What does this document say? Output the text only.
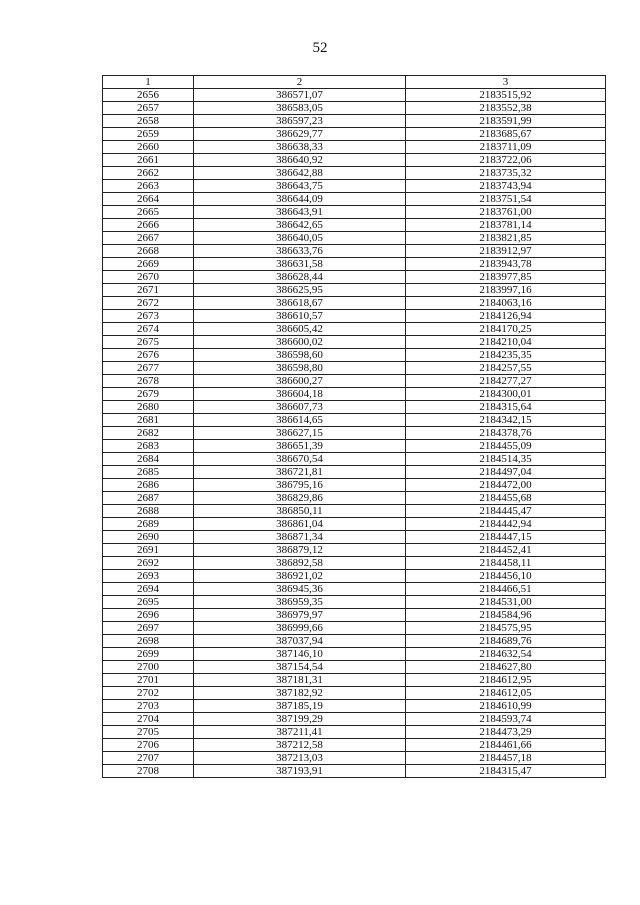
52
1	2	3
2656	386571,07	2183515,92
2657	386583,05	2183552,38
2658	386597,23	2183591,99
2659	386629,77	2183685,67
2660	386638,33	2183711,09
2661	386640,92	2183722,06
2662	386642,88	2183735,32
2663	386643,75	2183743,94
2664	386644,09	2183751,54
2665	386643,91	2183761,00
2666	386642,65	2183781,14
2667	386640,05	2183821,85
2668	386633,76	2183912,97
2669	386631,58	2183943,78
2670	386628,44	2183977,85
2671	386625,95	2183997,16
2672	386618,67	2184063,16
2673	386610,57	2184126,94
2674	386605,42	2184170,25
2675	386600,02	2184210,04
2676	386598,60	2184235,35
2677	386598,80	2184257,55
2678	386600,27	2184277,27
2679	386604,18	2184300,01
2680	386607,73	2184315,64
2681	386614,65	2184342,15
2682	386627,15	2184378,76
2683	386651,39	2184455,09
2684	386670,54	2184514,35
2685	386721,81	2184497,04
2686	386795,16	2184472,00
2687	386829,86	2184455,68
2688	386850,11	2184445,47
2689	386861,04	2184442,94
2690	386871,34	2184447,15
2691	386879,12	2184452,41
2692	386892,58	2184458,11
2693	386921,02	2184456,10
2694	386945,36	2184466,51
2695	386959,35	2184531,00
2696	386979,97	2184584,96
2697	386999,66	2184575,95
2698	387037,94	2184689,76
2699	387146,10	2184632,54
2700	387154,54	2184627,80
2701	387181,31	2184612,95
2702	387182,92	2184612,05
2703	387185,19	2184610,99
2704	387199,29	2184593,74
2705	387211,41	2184473,29
2706	387212,58	2184461,66
2707	387213,03	2184457,18
2708	387193,91	2184315,47
